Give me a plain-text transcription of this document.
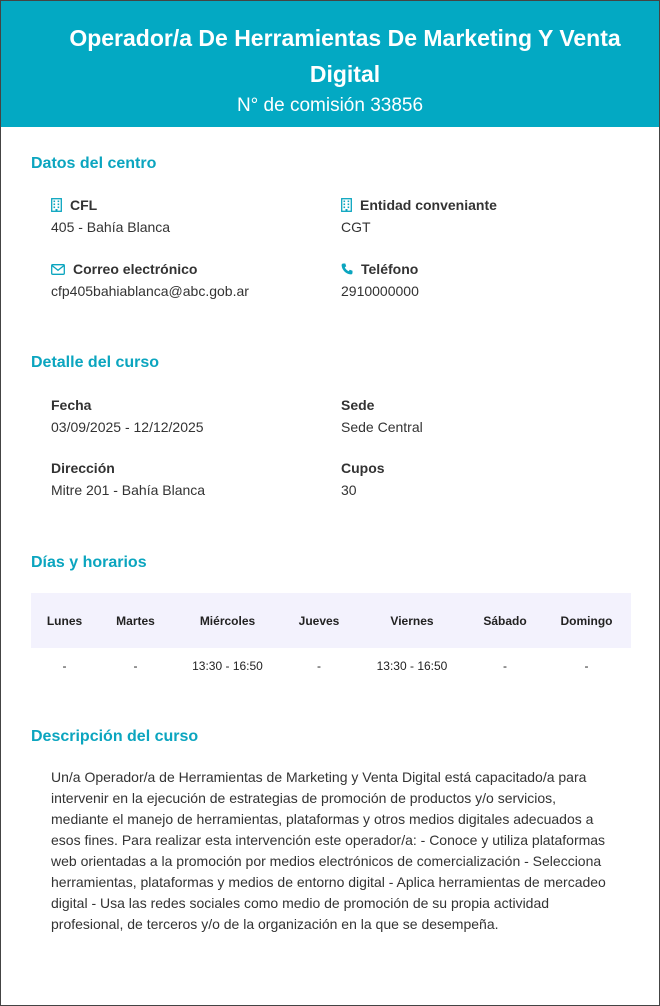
Operador/a De Herramientas De Marketing Y Venta Digital
N° de comisión 33856
Datos del centro
CFL
405 - Bahía Blanca
Entidad conveniante
CGT
Correo electrónico
cfp405bahiablanca@abc.gob.ar
Teléfono
2910000000
Detalle del curso
Fecha
03/09/2025 - 12/12/2025
Sede
Sede Central
Dirección
Mitre 201 - Bahía Blanca
Cupos
30
Días y horarios
Lunes	Martes	Miércoles	Jueves	Viernes	Sábado	Domingo
-	-	13:30 - 16:50	-	13:30 - 16:50	-	-
Descripción del curso
Un/a Operador/a de Herramientas de Marketing y Venta Digital está capacitado/a para intervenir en la ejecución de estrategias de promoción de productos y/o servicios, mediante el manejo de herramientas, plataformas y otros medios digitales adecuados a esos fines. Para realizar esta intervención este operador/a: - Conoce y utiliza plataformas web orientadas a la promoción por medios electrónicos de comercialización - Selecciona herramientas, plataformas y medios de entorno digital - Aplica herramientas de mercadeo digital - Usa las redes sociales como medio de promoción de su propia actividad profesional, de terceros y/o de la organización en la que se desempeña.
